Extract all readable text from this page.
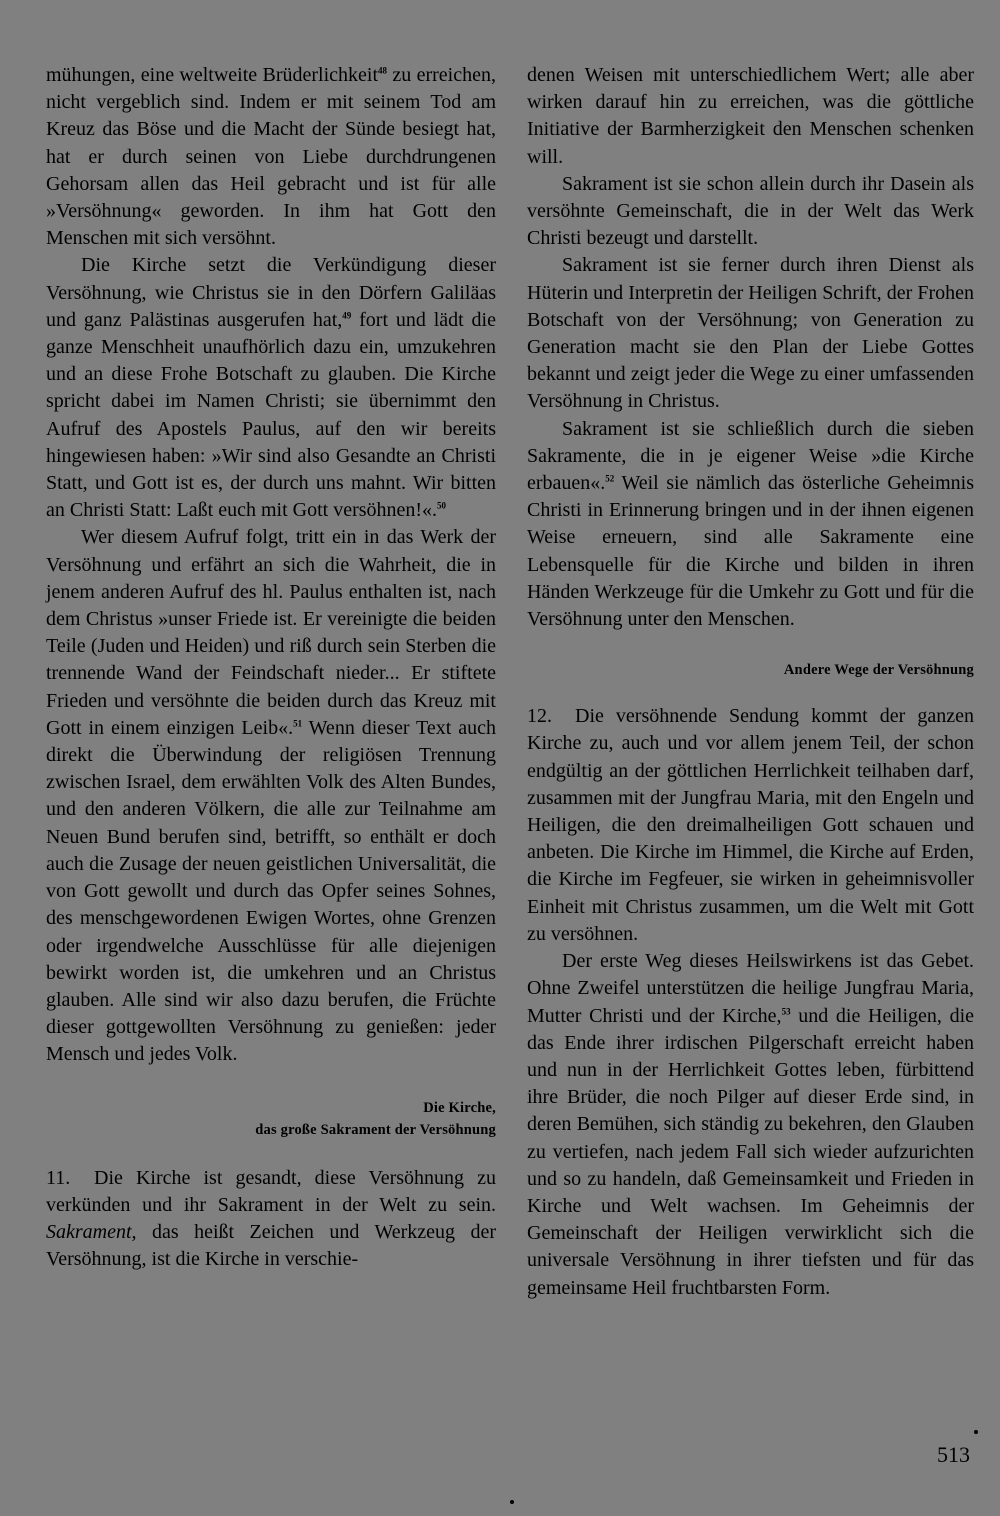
mühungen, eine weltweite Brüderlichkeit$^{48}$ zu erreichen, nicht vergeblich sind. Indem er mit seinem Tod am Kreuz das Böse und die Macht der Sünde besiegt hat, hat er durch seinen von Liebe durchdrungenen Gehorsam allen das Heil gebracht und ist für alle »Versöhnung« geworden. In ihm hat Gott den Menschen mit sich versöhnt.

Die Kirche setzt die Verkündigung dieser Versöhnung, wie Christus sie in den Dörfern Galiläas und ganz Palästinas ausgerufen hat,$^{49}$ fort und lädt die ganze Menschheit unaufhörlich dazu ein, umzukehren und an diese Frohe Botschaft zu glauben. Die Kirche spricht dabei im Namen Christi; sie übernimmt den Aufruf des Apostels Paulus, auf den wir bereits hingewiesen haben: »Wir sind also Gesandte an Christi Statt, und Gott ist es, der durch uns mahnt. Wir bitten an Christi Statt: Laßt euch mit Gott versöhnen!«.$^{50}$

Wer diesem Aufruf folgt, tritt ein in das Werk der Versöhnung und erfährt an sich die Wahrheit, die in jenem anderen Aufruf des hl. Paulus enthalten ist, nach dem Christus »unser Friede ist. Er vereinigte die beiden Teile (Juden und Heiden) und riß durch sein Sterben die trennende Wand der Feindschaft nieder... Er stiftete Frieden und versöhnte die beiden durch das Kreuz mit Gott in einem einzigen Leib«.$^{51}$ Wenn dieser Text auch direkt die Überwindung der religiösen Trennung zwischen Israel, dem erwählten Volk des Alten Bundes, und den anderen Völkern, die alle zur Teilnahme am Neuen Bund berufen sind, betrifft, so enthält er doch auch die Zusage der neuen geistlichen Universalität, die von Gott gewollt und durch das Opfer seines Sohnes, des menschgewordenen Ewigen Wortes, ohne Grenzen oder irgendwelche Ausschlüsse für alle diejenigen bewirkt worden ist, die umkehren und an Christus glauben. Alle sind wir also dazu berufen, die Früchte dieser gottgewollten Versöhnung zu genießen: jeder Mensch und jedes Volk.

Die Kirche,
das große Sakrament der Versöhnung

11. Die Kirche ist gesandt, diese Versöhnung zu verkünden und ihr Sakrament in der Welt zu sein. Sakrament, das heißt Zeichen und Werkzeug der Versöhnung, ist die Kirche in verschie-

denen Weisen mit unterschiedlichem Wert; alle aber wirken darauf hin zu erreichen, was die göttliche Initiative der Barmherzigkeit den Menschen schenken will.

Sakrament ist sie schon allein durch ihr Dasein als versöhnte Gemeinschaft, die in der Welt das Werk Christi bezeugt und darstellt.

Sakrament ist sie ferner durch ihren Dienst als Hüterin und Interpretin der Heiligen Schrift, der Frohen Botschaft von der Versöhnung; von Generation zu Generation macht sie den Plan der Liebe Gottes bekannt und zeigt jeder die Wege zu einer umfassenden Versöhnung in Christus.

Sakrament ist sie schließlich durch die sieben Sakramente, die in je eigener Weise »die Kirche erbauen«.$^{52}$ Weil sie nämlich das österliche Geheimnis Christi in Erinnerung bringen und in der ihnen eigenen Weise erneuern, sind alle Sakramente eine Lebensquelle für die Kirche und bilden in ihren Händen Werkzeuge für die Umkehr zu Gott und für die Versöhnung unter den Menschen.

Andere Wege der Versöhnung

12. Die versöhnende Sendung kommt der ganzen Kirche zu, auch und vor allem jenem Teil, der schon endgültig an der göttlichen Herrlichkeit teilhaben darf, zusammen mit der Jungfrau Maria, mit den Engeln und Heiligen, die den dreimalheiligen Gott schauen und anbeten. Die Kirche im Himmel, die Kirche auf Erden, die Kirche im Fegfeuer, sie wirken in geheimnisvoller Einheit mit Christus zusammen, um die Welt mit Gott zu versöhnen.

Der erste Weg dieses Heilswirkens ist das Gebet. Ohne Zweifel unterstützen die heilige Jungfrau Maria, Mutter Christi und der Kirche,$^{53}$ und die Heiligen, die das Ende ihrer irdischen Pilgerschaft erreicht haben und nun in der Herrlichkeit Gottes leben, fürbittend ihre Brüder, die noch Pilger auf dieser Erde sind, in deren Bemühen, sich ständig zu bekehren, den Glauben zu vertiefen, nach jedem Fall sich wieder aufzurichten und so zu handeln, daß Gemeinsamkeit und Frieden in Kirche und Welt wachsen. Im Geheimnis der Gemeinschaft der Heiligen verwirklicht sich die universale Versöhnung in ihrer tiefsten und für das gemeinsame Heil fruchtbarsten Form.

513
